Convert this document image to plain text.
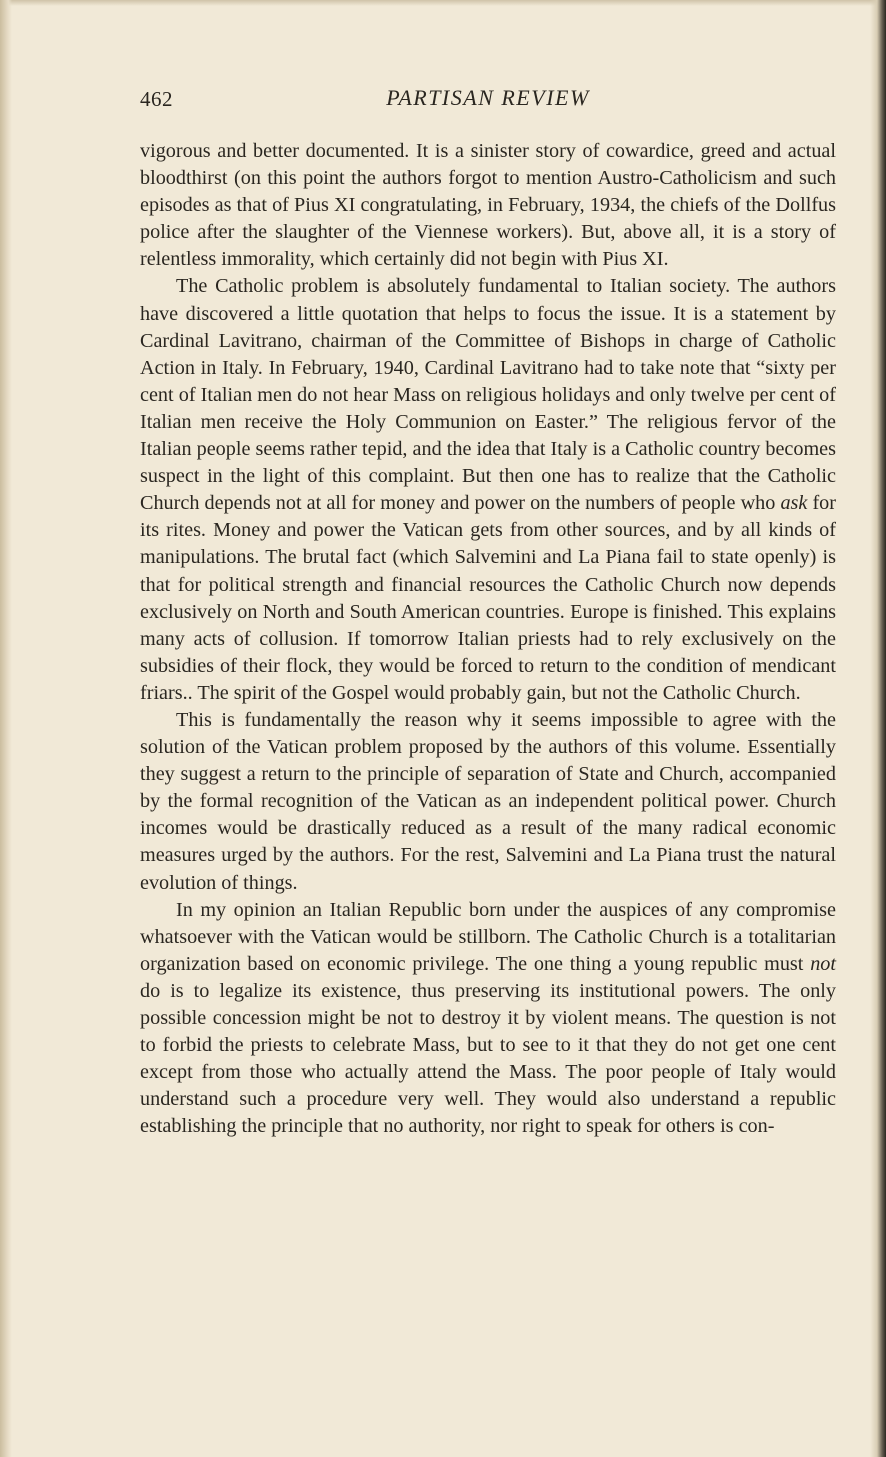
462	PARTISAN REVIEW

vigorous and better documented. It is a sinister story of cowardice, greed and actual bloodthirst (on this point the authors forgot to mention Austro-Catholicism and such episodes as that of Pius XI congratulating, in February, 1934, the chiefs of the Dollfus police after the slaughter of the Viennese workers). But, above all, it is a story of relentless immorality, which certainly did not begin with Pius XI.

The Catholic problem is absolutely fundamental to Italian society. The authors have discovered a little quotation that helps to focus the issue. It is a statement by Cardinal Lavitrano, chairman of the Committee of Bishops in charge of Catholic Action in Italy. In February, 1940, Cardinal Lavitrano had to take note that “sixty per cent of Italian men do not hear Mass on religious holidays and only twelve per cent of Italian men receive the Holy Communion on Easter.” The religious fervor of the Italian people seems rather tepid, and the idea that Italy is a Catholic country becomes suspect in the light of this complaint. But then one has to realize that the Catholic Church depends not at all for money and power on the numbers of people who ask for its rites. Money and power the Vatican gets from other sources, and by all kinds of manipulations. The brutal fact (which Salvemini and La Piana fail to state openly) is that for political strength and financial resources the Catholic Church now depends exclusively on North and South American countries. Europe is finished. This explains many acts of collusion. If tomorrow Italian priests had to rely exclusively on the subsidies of their flock, they would be forced to return to the condition of mendicant friars.. The spirit of the Gospel would probably gain, but not the Catholic Church.

This is fundamentally the reason why it seems impossible to agree with the solution of the Vatican problem proposed by the authors of this volume. Essentially they suggest a return to the principle of separation of State and Church, accompanied by the formal recognition of the Vatican as an independent political power. Church incomes would be drastically reduced as a result of the many radical economic measures urged by the authors. For the rest, Salvemini and La Piana trust the natural evolution of things.

In my opinion an Italian Republic born under the auspices of any compromise whatsoever with the Vatican would be stillborn. The Catholic Church is a totalitarian organization based on economic privilege. The one thing a young republic must not do is to legalize its existence, thus preserving its institutional powers. The only possible concession might be not to destroy it by violent means. The question is not to forbid the priests to celebrate Mass, but to see to it that they do not get one cent except from those who actually attend the Mass. The poor people of Italy would understand such a procedure very well. They would also understand a republic establishing the principle that no authority, nor right to speak for others is con-
